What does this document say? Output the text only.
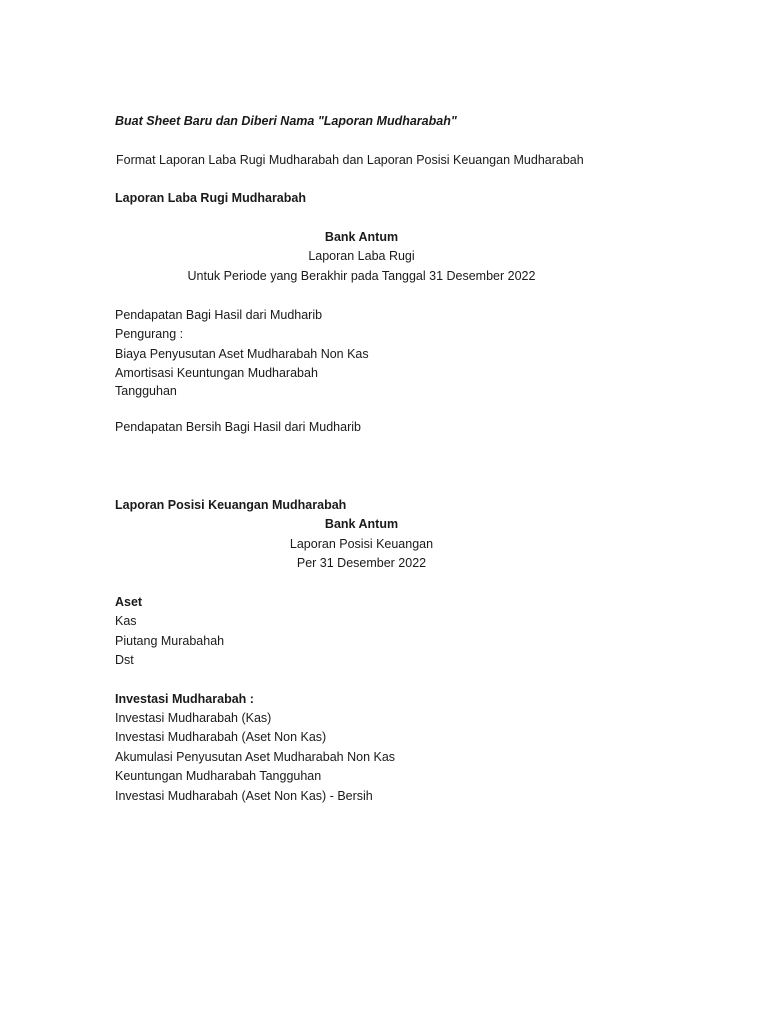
Buat Sheet Baru dan Diberi Nama "Laporan Mudharabah"
Format Laporan Laba Rugi Mudharabah dan Laporan Posisi Keuangan Mudharabah
Laporan Laba Rugi Mudharabah
Bank Antum
Laporan Laba Rugi
Untuk Periode yang Berakhir pada Tanggal 31 Desember 2022
Pendapatan Bagi Hasil dari Mudharib
Pengurang :
Biaya Penyusutan Aset Mudharabah Non Kas
Amortisasi Keuntungan Mudharabah
Tangguhan
Pendapatan Bersih Bagi Hasil dari Mudharib
Laporan Posisi Keuangan Mudharabah
Bank Antum
Laporan Posisi Keuangan
Per 31 Desember 2022
Aset
Kas
Piutang Murabahah
Dst
Investasi Mudharabah :
Investasi Mudharabah (Kas)
Investasi Mudharabah (Aset Non Kas)
Akumulasi Penyusutan Aset Mudharabah Non Kas
Keuntungan Mudharabah Tangguhan
Investasi Mudharabah (Aset Non Kas) - Bersih
